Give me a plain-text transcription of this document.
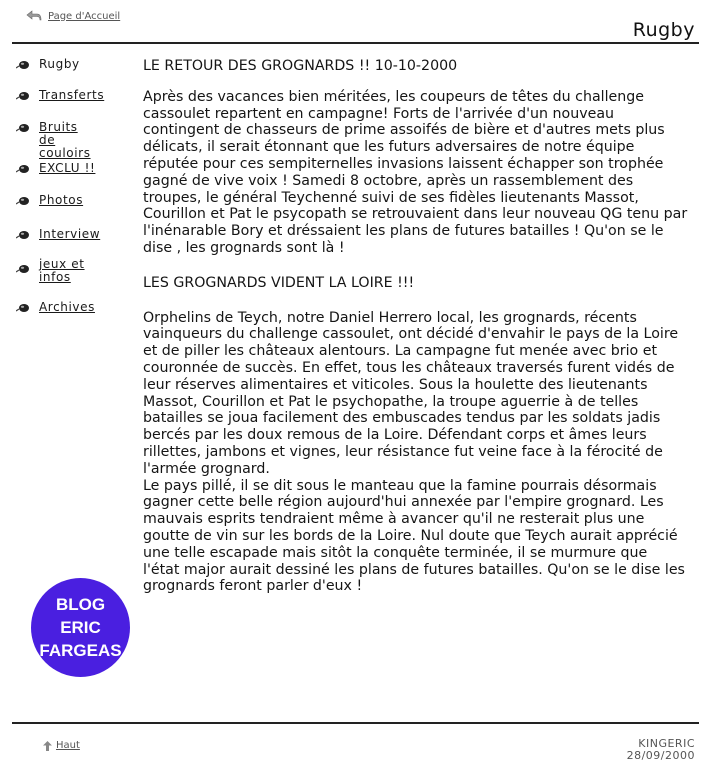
Page d'Accueil
Rugby
Rugby
Transferts
Bruits de couloirs
EXCLU !!
Photos
Interview
jeux et infos
Archives

LE RETOUR DES GROGNARDS !! 10-10-2000

Après des vacances bien méritées, les coupeurs de têtes du challenge cassoulet repartent en campagne! Forts de l'arrivée d'un nouveau contingent de chasseurs de prime assoifés de bière et d'autres mets plus délicats, il serait étonnant que les futurs adversaires de notre équipe réputée pour ces sempiternelles invasions laissent échapper son trophée gagné de vive voix ! Samedi 8 octobre, après un rassemblement des troupes, le général Teychenné suivi de ses fidèles lieutenants Massot, Courillon et Pat le psycopath se retrouvaient dans leur nouveau QG tenu par l'inénarable Bory et dréssaient les plans de futures batailles ! Qu'on se le dise , les grognards sont là !

LES GROGNARDS VIDENT LA LOIRE !!!

Orphelins de Teych, notre Daniel Herrero local, les grognards, récents vainqueurs du challenge cassoulet, ont décidé d'envahir le pays de la Loire et de piller les châteaux alentours. La campagne fut menée avec brio et couronnée de succès. En effet, tous les châteaux traversés furent vidés de leur réserves alimentaires et viticoles. Sous la houlette des lieutenants Massot, Courillon et Pat le psychopathe, la troupe aguerrie à de telles batailles se joua facilement des embuscades tendus par les soldats jadis bercés par les doux remous de la Loire. Défendant corps et âmes leurs rillettes, jambons et vignes, leur résistance fut veine face à la férocité de l'armée grognard.

Le pays pillé, il se dit sous le manteau que la famine pourrais désormais gagner cette belle région aujourd'hui annexée par l'empire grognard. Les mauvais esprits tendraient même à avancer qu'il ne resterait plus une goutte de vin sur les bords de la Loire. Nul doute que Teych aurait apprécié une telle escapade mais sitôt la conquête terminée, il se murmure que l'état major aurait dessiné les plans de futures batailles. Qu'on se le dise les grognards feront parler d'eux !

BLOG
ERIC
FARGEAS
Haut	KINGERIC
28/09/2000
